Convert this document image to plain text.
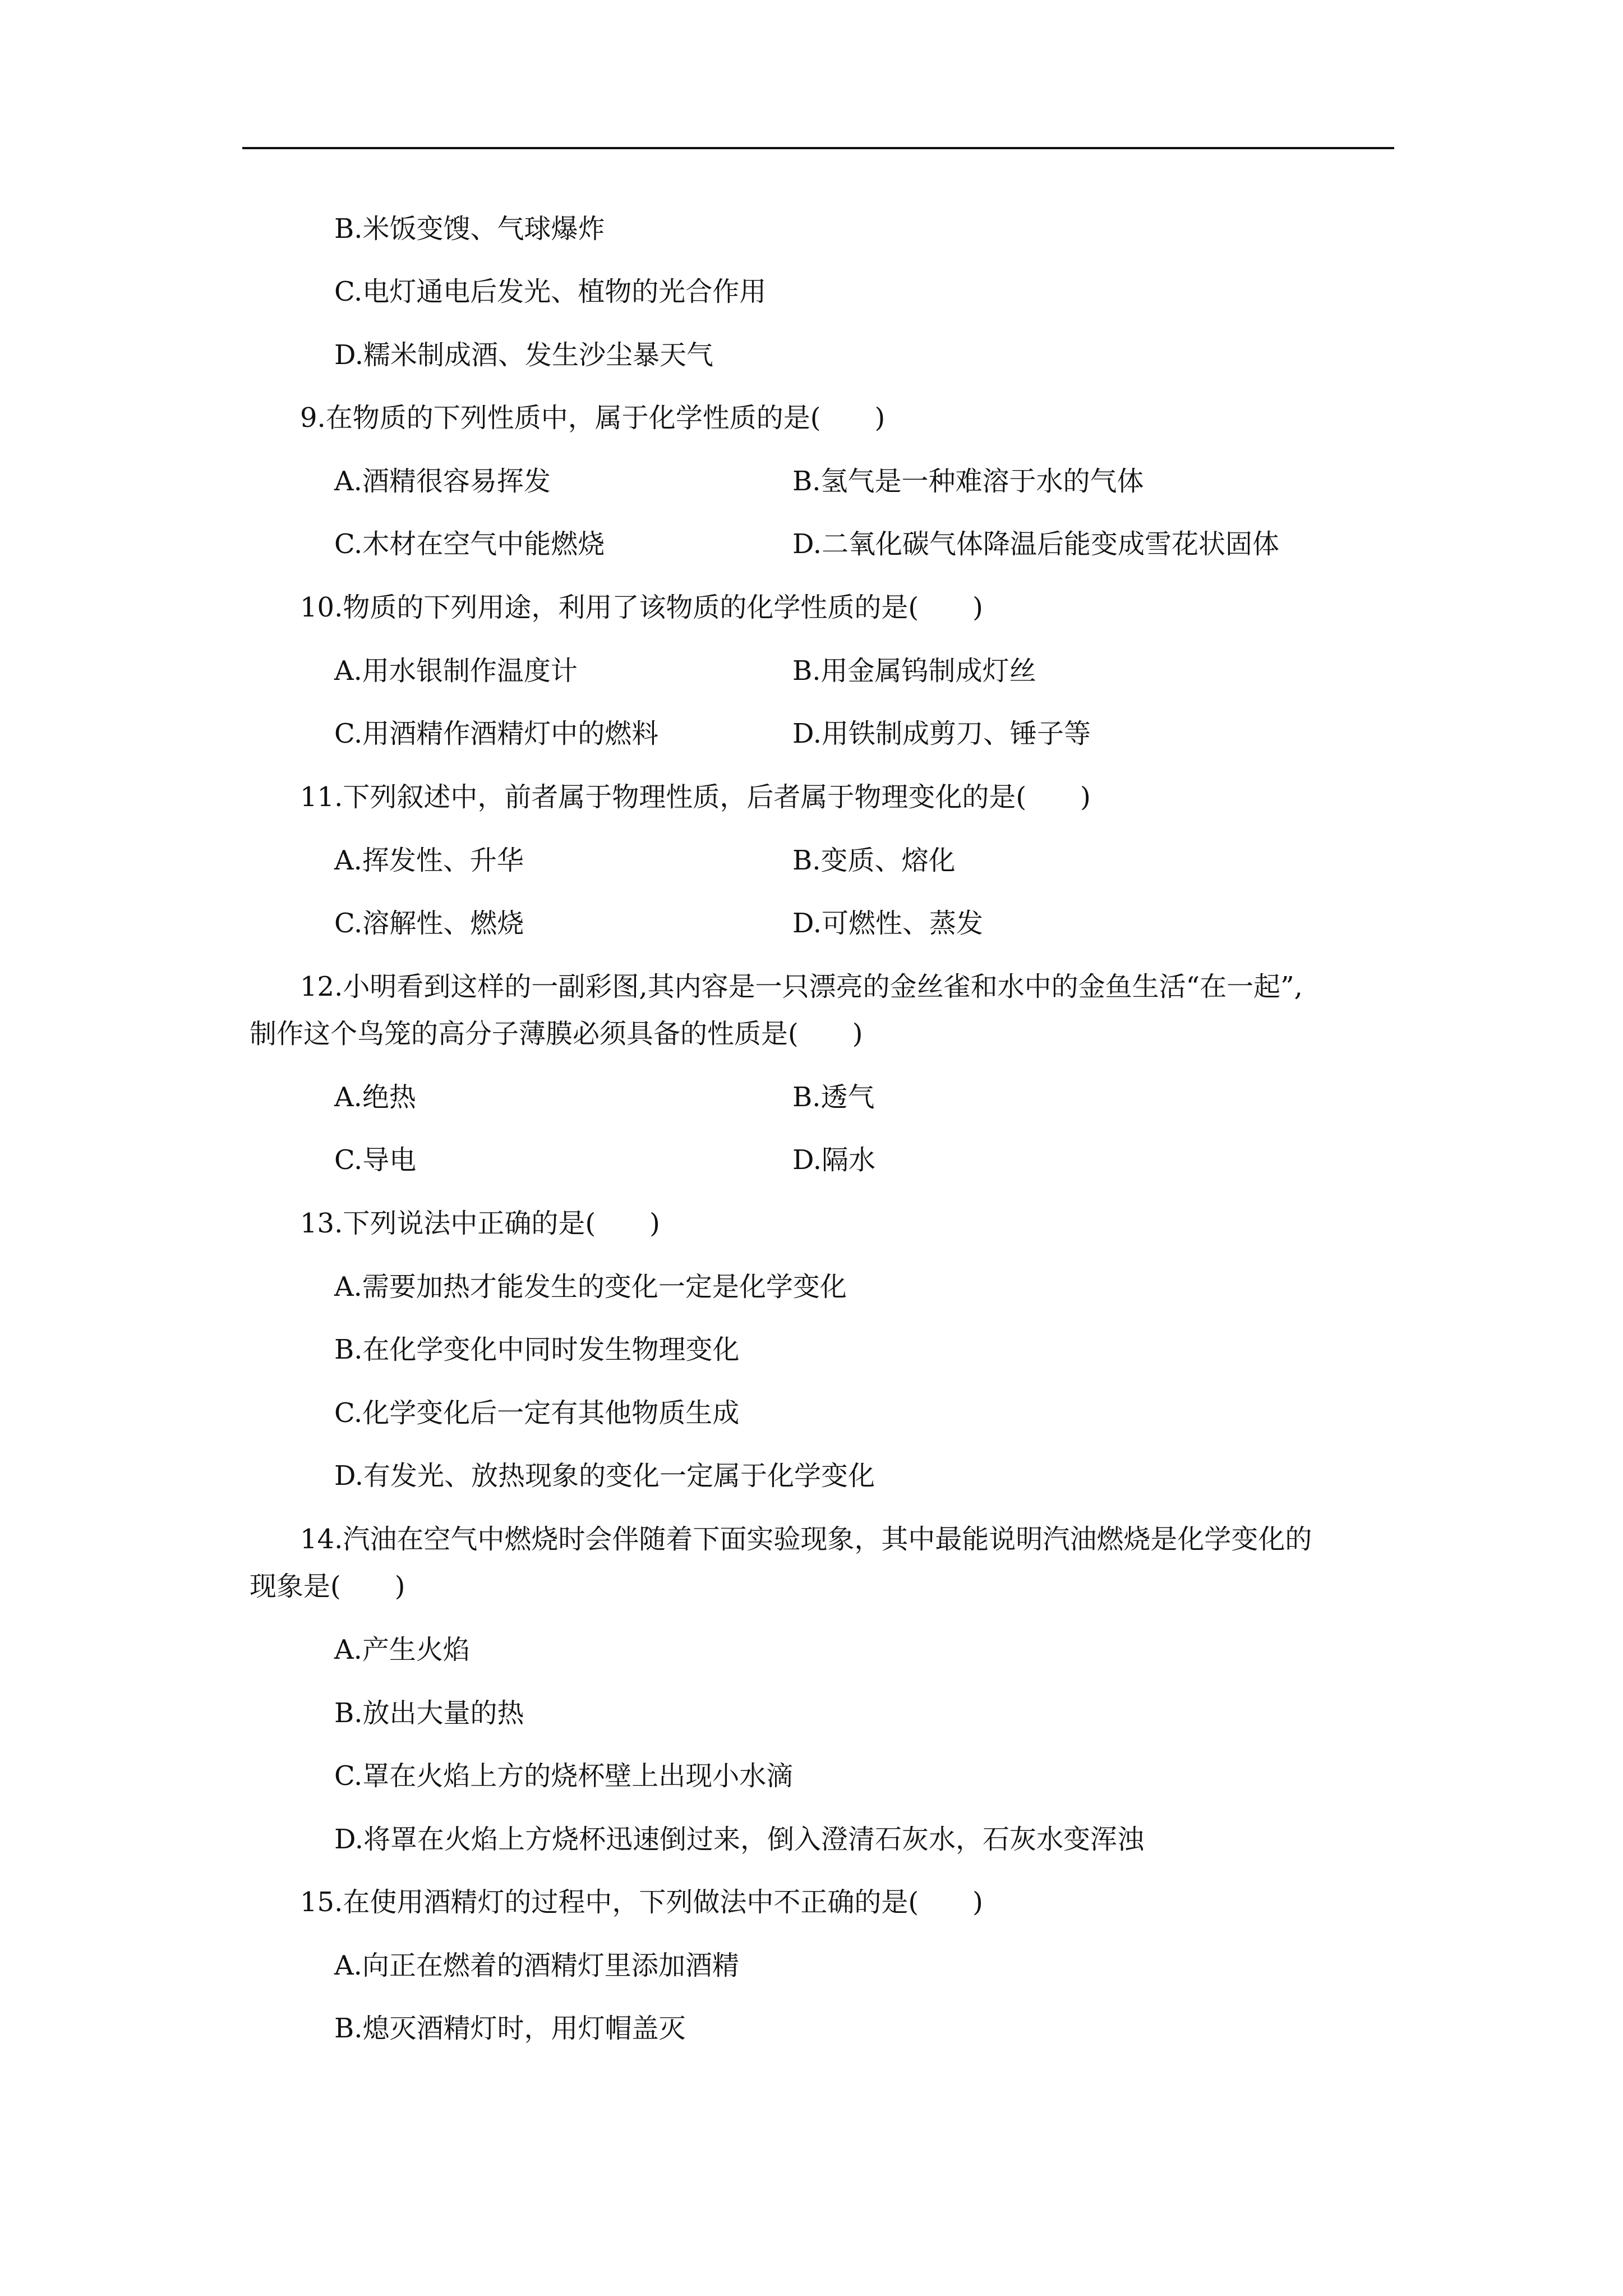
B.米饭变馊、气球爆炸
C.电灯通电后发光、植物的光合作用
D.糯米制成酒、发生沙尘暴天气
9.在物质的下列性质中，属于化学性质的是(　　)
A.酒精很容易挥发	B.氢气是一种难溶于水的气体
C.木材在空气中能燃烧	D.二氧化碳气体降温后能变成雪花状固体
10.物质的下列用途，利用了该物质的化学性质的是(　　)
A.用水银制作温度计	B.用金属钨制成灯丝
C.用酒精作酒精灯中的燃料	D.用铁制成剪刀、锤子等
11.下列叙述中，前者属于物理性质，后者属于物理变化的是(　　)
A.挥发性、升华	B.变质、熔化
C.溶解性、燃烧	D.可燃性、蒸发
12.小明看到这样的一副彩图,其内容是一只漂亮的金丝雀和水中的金鱼生活“在一起”,
制作这个鸟笼的高分子薄膜必须具备的性质是(　　)
A.绝热	B.透气
C.导电	D.隔水
13.下列说法中正确的是(　　)
A.需要加热才能发生的变化一定是化学变化
B.在化学变化中同时发生物理变化
C.化学变化后一定有其他物质生成
D.有发光、放热现象的变化一定属于化学变化
14.汽油在空气中燃烧时会伴随着下面实验现象，其中最能说明汽油燃烧是化学变化的
现象是(　　)
A.产生火焰
B.放出大量的热
C.罩在火焰上方的烧杯壁上出现小水滴
D.将罩在火焰上方烧杯迅速倒过来，倒入澄清石灰水，石灰水变浑浊
15.在使用酒精灯的过程中，下列做法中不正确的是(　　)
A.向正在燃着的酒精灯里添加酒精
B.熄灭酒精灯时，用灯帽盖灭
